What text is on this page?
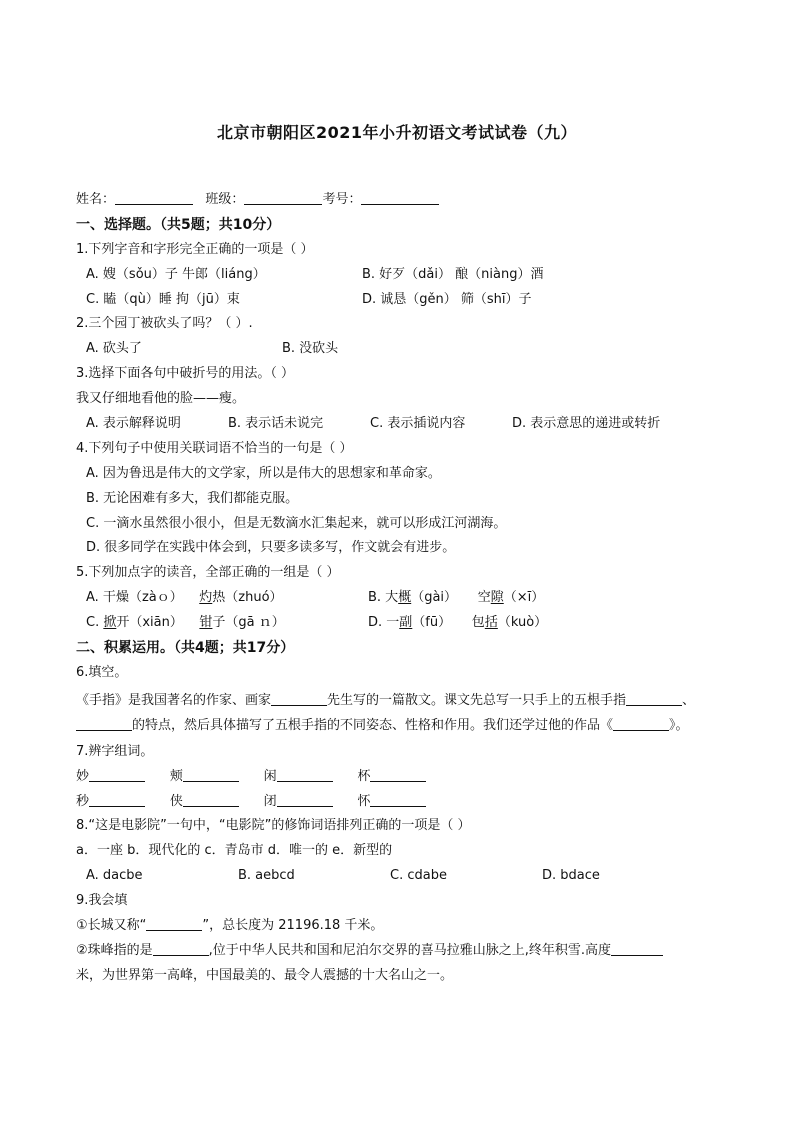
北京市朝阳区2021年小升初语文考试试卷（九）
姓名：	班级：	考号：
一、选择题。（共5题；共10分）
1.下列字音和字形完全正确的一项是（ ）
A. 嫂（sǒu）子 牛郎（liáng）	B. 好歹（dǎi） 酿（niàng）酒
C. 瞌（qù）睡 拘（jū）束	D. 诚恳（gěn） 筛（shī）子
2.三个园丁被砍头了吗？（ ）.
A. 砍头了	B. 没砍头
3.选择下面各句中破折号的用法。（ ）
我又仔细地看他的脸——瘦。
A. 表示解释说明	B. 表示话未说完	C. 表示插说内容	D. 表示意思的递进或转折
4.下列句子中使用关联词语不恰当的一句是（ ）
A. 因为鲁迅是伟大的文学家，所以是伟大的思想家和革命家。
B. 无论困难有多大，我们都能克服。
C. 一滴水虽然很小很小，但是无数滴水汇集起来，就可以形成江河湖海。
D. 很多同学在实践中体会到，只要多读多写，作文就会有进步。
5.下列加点字的读音，全部正确的一组是（ ）
A. 干燥（zàｏ） 灼热（zhuó）	B. 大概（gài） 空隙（×ī）
C. 掀开（xiān） 钳子（gā ｎ）	D. 一副（fū） 包括（kuò）
二、积累运用。（共4题；共17分）
6.填空。
《手指》是我国著名的作家、画家	先生写的一篇散文。课文先总写一只手上的五根手指	、的特点，然后具体描写了五根手指的不同姿态、性格和作用。我们还学过他的作品《	》。
7.辨字组词。
妙	颊	闲	杯
秒	侠	闭	怀
8.“这是电影院”一句中，“电影院”的修饰词语排列正确的一项是（ ）
a．一座 b．现代化的 c．青岛市 d．唯一的 e．新型的
A. dacbe	B. aebcd	C. cdabe	D. bdace
9.我会填
①长城又称“	”，总长度为 21196.18 千米。
②珠峰指的是	,位于中华人民共和国和尼泊尔交界的喜马拉雅山脉之上,终年积雪.高度
米，为世界第一高峰，中国最美的、最令人震撼的十大名山之一。
